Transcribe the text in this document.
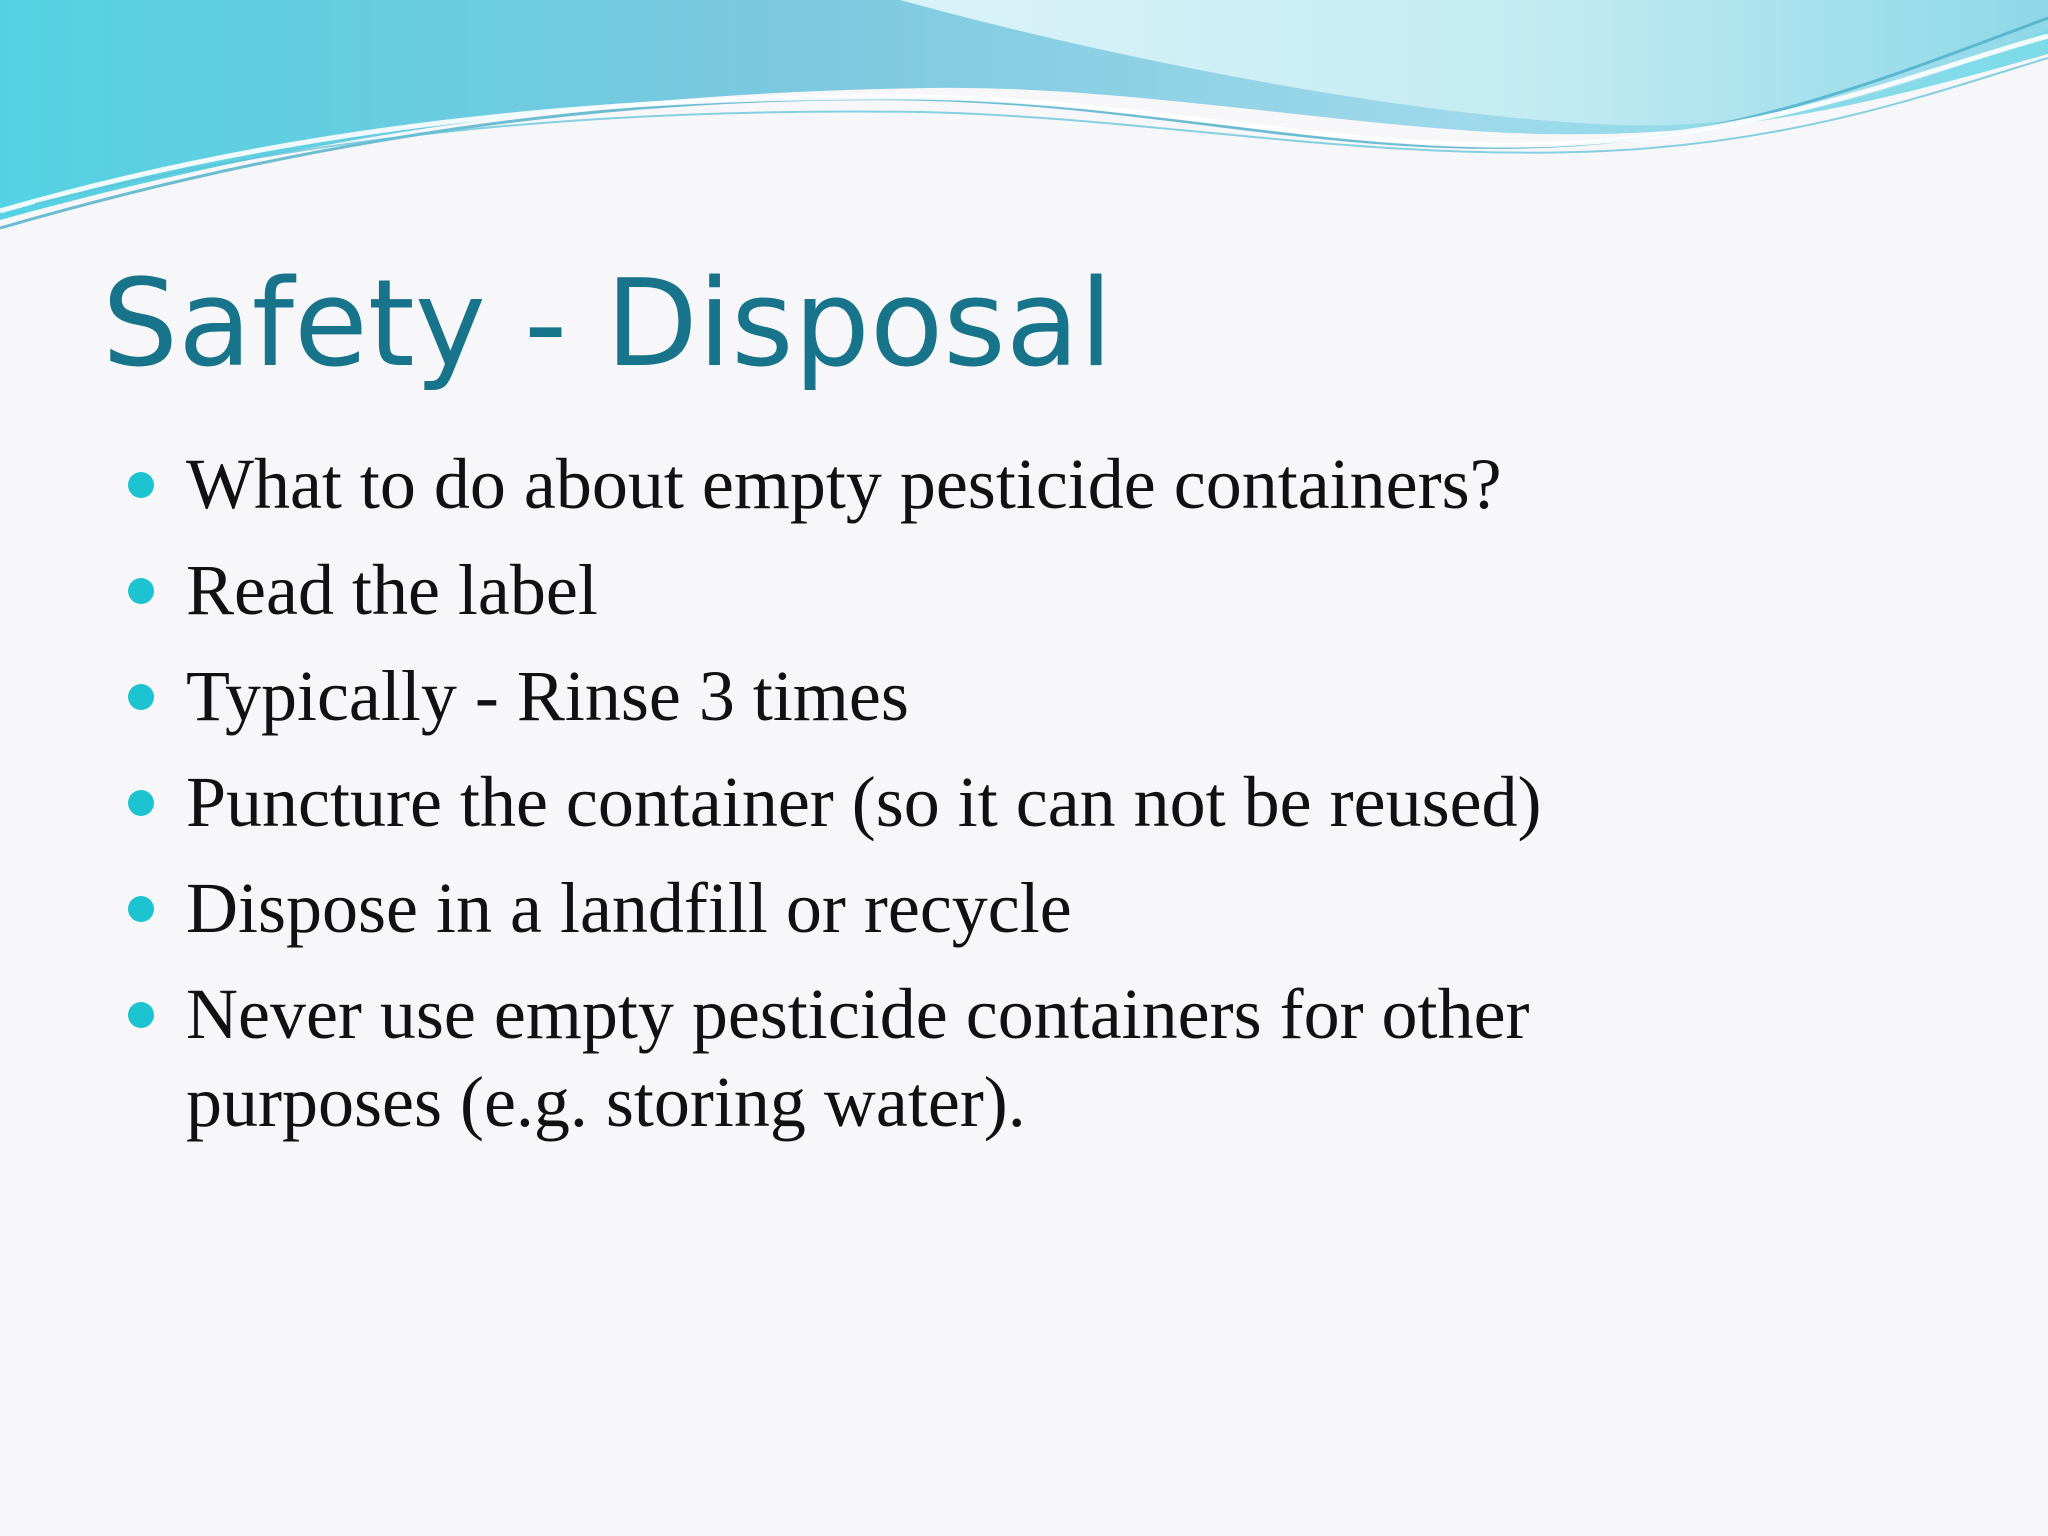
Safety - Disposal
What to do about empty pesticide containers?
Read the label
Typically - Rinse 3 times
Puncture the container (so it can not be reused)
Dispose in a landfill or recycle
Never use empty pesticide containers for other purposes (e.g. storing water).
